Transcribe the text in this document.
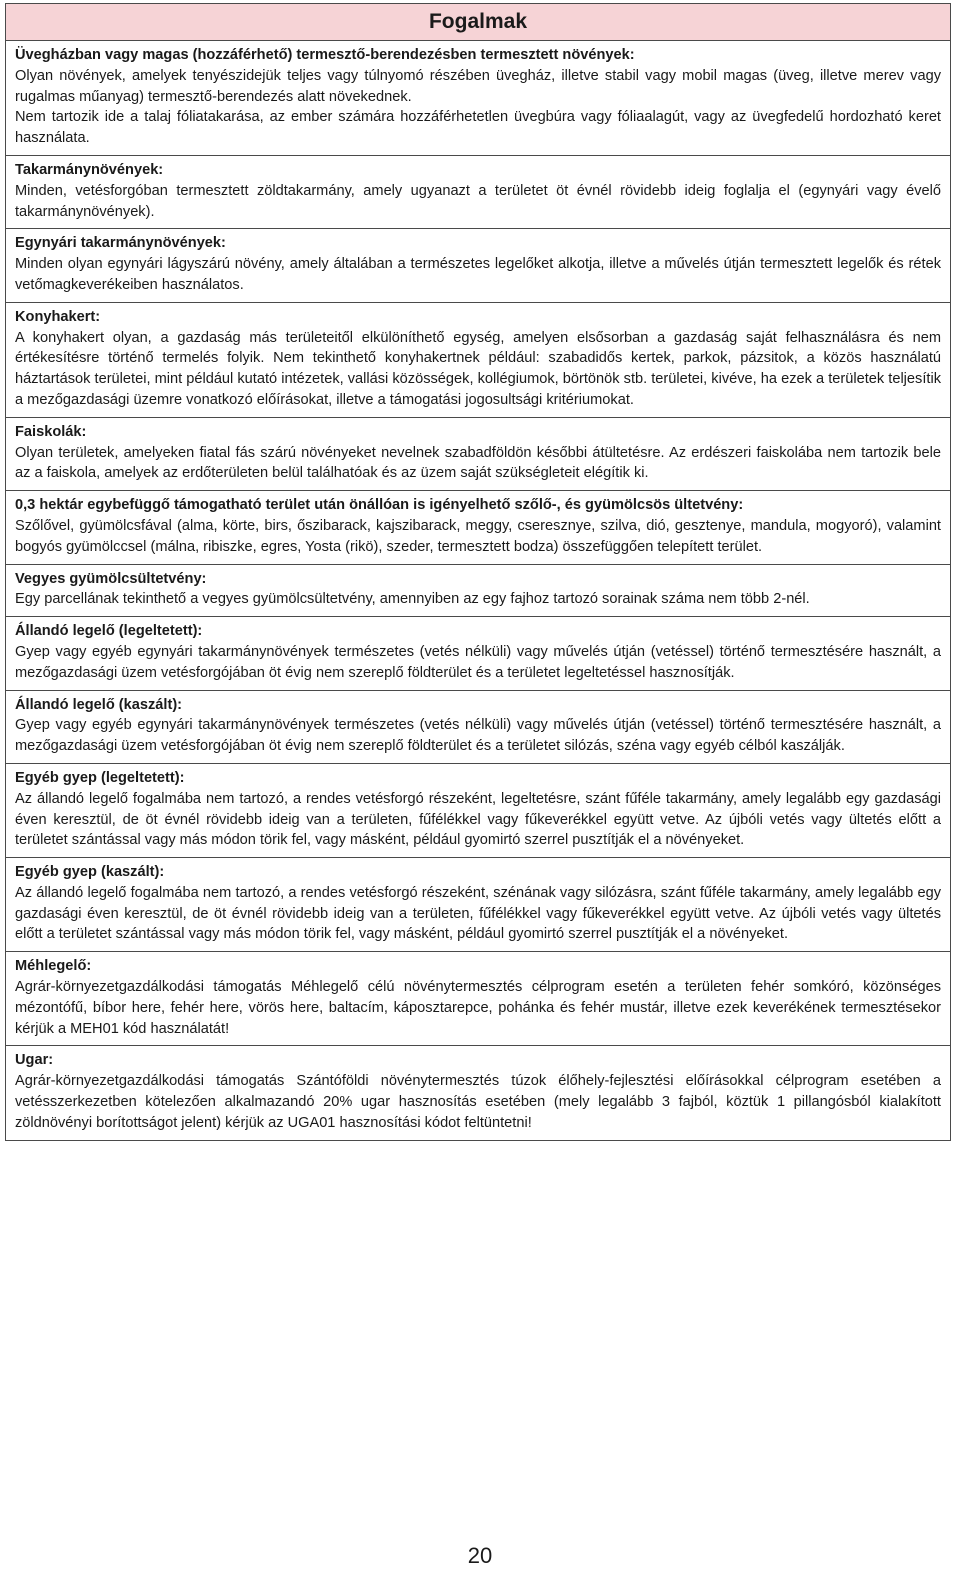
Fogalmak
Üvegházban vagy magas (hozzáférhető) termesztő-berendezésben termesztett növények:

Olyan növények, amelyek tenyészidejük teljes vagy túlnyomó részében üvegház, illetve stabil vagy mobil magas (üveg, illetve merev vagy rugalmas műanyag) termesztő-berendezés alatt növekednek.

Nem tartozik ide a talaj fóliatakarása, az ember számára hozzáférhetetlen üvegbúra vagy fóliaalagút, vagy az üvegfedelű hordozható keret használata.

Takarmánynövények:

Minden, vetésforgóban termesztett zöldtakarmány, amely ugyanazt a területet öt évnél rövidebb ideig foglalja el (egynyári vagy évelő takarmánynövények).

Egynyári takarmánynövények:

Minden olyan egynyári lágyszárú növény, amely általában a természetes legelőket alkotja, illetve a művelés útján termesztett legelők és rétek vetőmagkeverékeiben használatos.

Konyhakert:

A konyhakert olyan, a gazdaság más területeitől elkülöníthető egység, amelyen elsősorban a gazdaság saját felhasználásra és nem értékesítésre történő termelés folyik. Nem tekinthető konyhakertnek például: szabadidős kertek, parkok, pázsitok, a közös használatú háztartások területei, mint például kutató intézetek, vallási közösségek, kollégiumok, börtönök stb. területei, kivéve, ha ezek a területek teljesítik a mezőgazdasági üzemre vonatkozó előírásokat, illetve a támogatási jogosultsági kritériumokat.

Faiskolák:

Olyan területek, amelyeken fiatal fás szárú növényeket nevelnek szabadföldön későbbi átültetésre. Az erdészeri faiskolába nem tartozik bele az a faiskola, amelyek az erdőterületen belül találhatóak és az üzem saját szükségleteit elégítik ki.

0,3 hektár egybefüggő támogatható terület után önállóan is igényelhető szőlő-, és gyümölcsös ültetvény:

Szőlővel, gyümölcsfával (alma, körte, birs, őszibarack, kajszibarack, meggy, cseresznye, szilva, dió, gesztenye, mandula, mogyoró), valamint bogyós gyümölccsel (málna, ribiszke, egres, Yosta (rikö), szeder, termesztett bodza) összefüggően telepített terület.

Vegyes gyümölcsültetvény:

Egy parcellának tekinthető a vegyes gyümölcsültetvény, amennyiben az egy fajhoz tartozó sorainak száma nem több 2-nél.

Állandó legelő (legeltetett):

Gyep vagy egyéb egynyári takarmánynövények természetes (vetés nélküli) vagy művelés útján (vetéssel) történő termesztésére használt, a mezőgazdasági üzem vetésforgójában öt évig nem szereplő földterület és a területet legeltetéssel hasznosítják.

Állandó legelő (kaszált):

Gyep vagy egyéb egynyári takarmánynövények természetes (vetés nélküli) vagy művelés útján (vetéssel) történő termesztésére használt, a mezőgazdasági üzem vetésforgójában öt évig nem szereplő földterület és a területet silózás, széna vagy egyéb célból kaszálják.

Egyéb gyep (legeltetett):

Az állandó legelő fogalmába nem tartozó, a rendes vetésforgó részeként, legeltetésre, szánt fűféle takarmány, amely legalább egy gazdasági éven keresztül, de öt évnél rövidebb ideig van a területen, fűfélékkel vagy fűkeverékkel együtt vetve. Az újbóli vetés vagy ültetés előtt a területet szántással vagy más módon törik fel, vagy másként, például gyomirtó szerrel pusztítják el a növényeket.

Egyéb gyep (kaszált):

Az állandó legelő fogalmába nem tartozó, a rendes vetésforgó részeként, szénának vagy silózásra, szánt fűféle takarmány, amely legalább egy gazdasági éven keresztül, de öt évnél rövidebb ideig van a területen, fűfélékkel vagy fűkeverékkel együtt vetve. Az újbóli vetés vagy ültetés előtt a területet szántással vagy más módon törik fel, vagy másként, például gyomirtó szerrel pusztítják el a növényeket.

Méhlegelő:

Agrár-környezetgazdálkodási támogatás Méhlegelő célú növénytermesztés célprogram esetén a területen fehér somkóró, közönséges mézontófű, bíbor here, fehér here, vörös here, baltacím, káposztarepce, pohánka és fehér mustár, illetve ezek keverékének termesztésekor kérjük a MEH01 kód használatát!

Ugar:

Agrár-környezetgazdálkodási támogatás Szántóföldi növénytermesztés túzok élőhely-fejlesztési előírásokkal célprogram esetében a vetésszerkezetben kötelezően alkalmazandó 20% ugar hasznosítás esetében (mely legalább 3 fajból, köztük 1 pillangósból kialakított zöldnövényi borítottságot jelent) kérjük az UGA01 hasznosítási kódot feltüntetni!

20
